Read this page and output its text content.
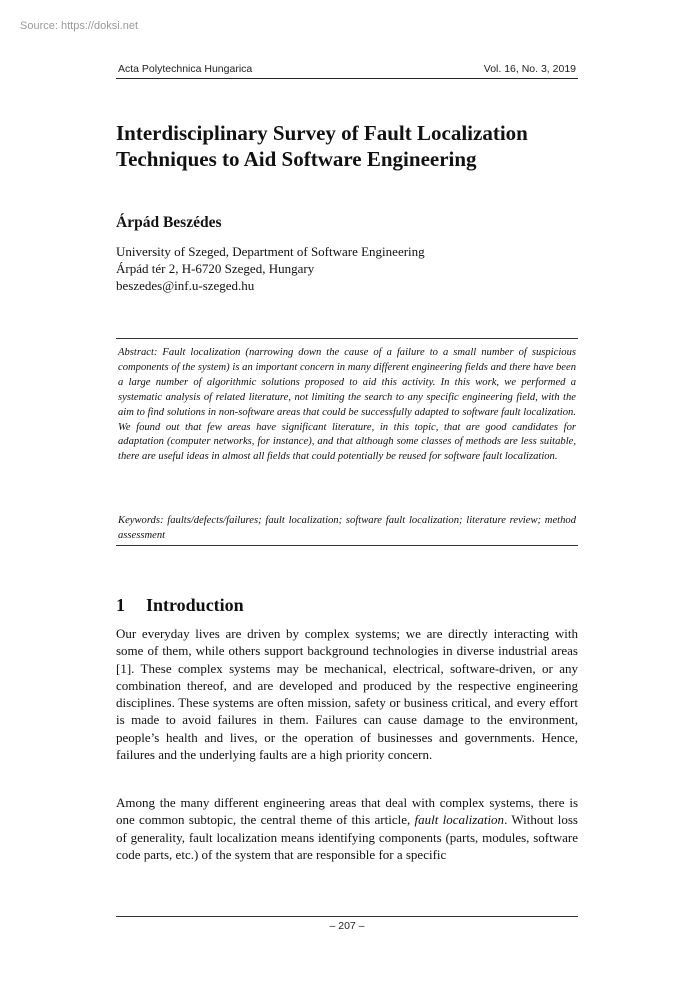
Source: https://doksi.net
Acta Polytechnica Hungarica	Vol. 16, No. 3, 2019
Interdisciplinary Survey of Fault Localization
Techniques to Aid Software Engineering
Árpád Beszédes
University of Szeged, Department of Software Engineering
Árpád tér 2, H-6720 Szeged, Hungary
beszedes@inf.u-szeged.hu
Abstract: Fault localization (narrowing down the cause of a failure to a small number of suspicious components of the system) is an important concern in many different engineering fields and there have been a large number of algorithmic solutions proposed to aid this activity. In this work, we performed a systematic analysis of related literature, not limiting the search to any specific engineering field, with the aim to find solutions in non-software areas that could be successfully adapted to software fault localization. We found out that few areas have significant literature, in this topic, that are good candidates for adaptation (computer networks, for instance), and that although some classes of methods are less suitable, there are useful ideas in almost all fields that could potentially be reused for software fault localization.
Keywords: faults/defects/failures; fault localization; software fault localization; literature review; method assessment
1 Introduction

Our everyday lives are driven by complex systems; we are directly interacting with some of them, while others support background technologies in diverse industrial areas [1]. These complex systems may be mechanical, electrical, software-driven, or any combination thereof, and are developed and produced by the respective engineering disciplines. These systems are often mission, safety or business critical, and every effort is made to avoid failures in them. Failures can cause damage to the environment, people’s health and lives, or the operation of businesses and governments. Hence, failures and the underlying faults are a high priority concern.

Among the many different engineering areas that deal with complex systems, there is one common subtopic, the central theme of this article, fault localization. Without loss of generality, fault localization means identifying components (parts, modules, software code parts, etc.) of the system that are responsible for a specific

– 207 –
